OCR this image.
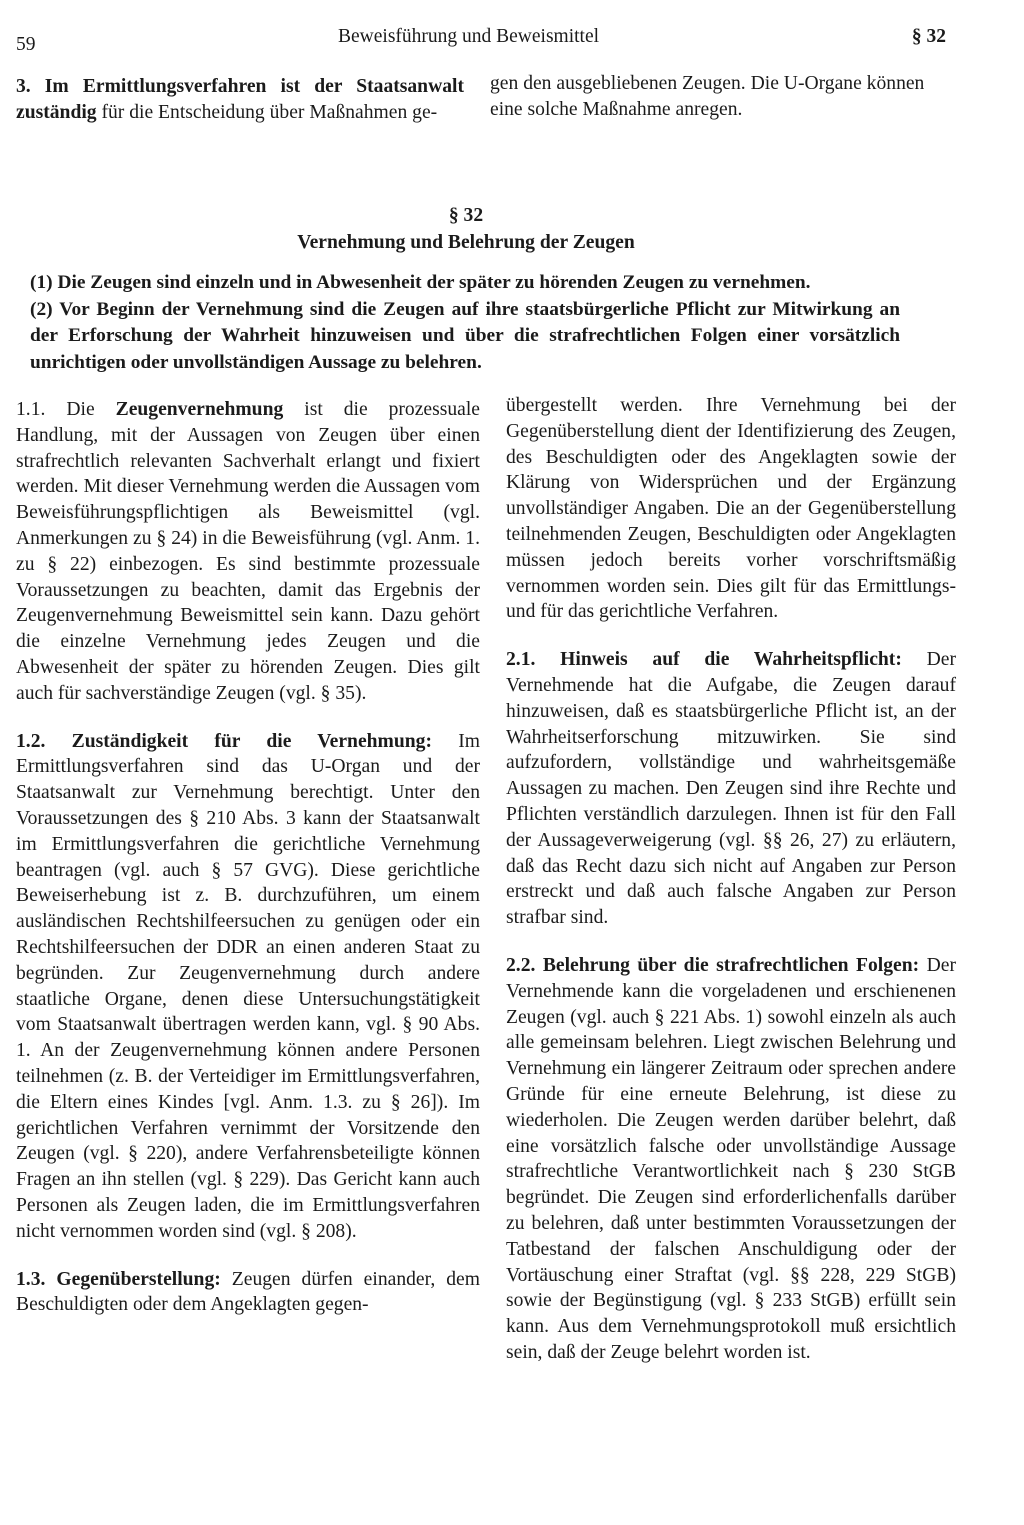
59	Beweisführung und Beweismittel	§ 32

3. Im Ermittlungsverfahren ist der Staatsanwalt zuständig für die Entscheidung über Maßnahmen ge-

gen den ausgebliebenen Zeugen. Die U-Organe können eine solche Maßnahme anregen.

§ 32
Vernehmung und Belehrung der Zeugen

(1) Die Zeugen sind einzeln und in Abwesenheit der später zu hörenden Zeugen zu vernehmen.

(2) Vor Beginn der Vernehmung sind die Zeugen auf ihre staatsbürgerliche Pflicht zur Mitwirkung an der Erforschung der Wahrheit hinzuweisen und über die strafrechtlichen Folgen einer vorsätzlich unrichtigen oder unvollständigen Aussage zu belehren.

1.1. Die Zeugenvernehmung ist die prozessuale Handlung, mit der Aussagen von Zeugen über einen strafrechtlich relevanten Sachverhalt erlangt und fixiert werden. Mit dieser Vernehmung werden die Aussagen vom Beweisführungspflichtigen als Beweismittel (vgl. Anmerkungen zu § 24) in die Beweisführung (vgl. Anm. 1. zu § 22) einbezogen. Es sind bestimmte prozessuale Voraussetzungen zu beachten, damit das Ergebnis der Zeugenvernehmung Beweismittel sein kann. Dazu gehört die einzelne Vernehmung jedes Zeugen und die Abwesenheit der später zu hörenden Zeugen. Dies gilt auch für sachverständige Zeugen (vgl. § 35).

1.2. Zuständigkeit für die Vernehmung: Im Ermittlungsverfahren sind das U-Organ und der Staatsanwalt zur Vernehmung berechtigt. Unter den Voraussetzungen des § 210 Abs. 3 kann der Staatsanwalt im Ermittlungsverfahren die gerichtliche Vernehmung beantragen (vgl. auch § 57 GVG). Diese gerichtliche Beweiserhebung ist z. B. durchzuführen, um einem ausländischen Rechtshilfeersuchen zu genügen oder ein Rechtshilfeersuchen der DDR an einen anderen Staat zu begründen. Zur Zeugenvernehmung durch andere staatliche Organe, denen diese Untersuchungstätigkeit vom Staatsanwalt übertragen werden kann, vgl. § 90 Abs. 1. An der Zeugenvernehmung können andere Personen teilnehmen (z. B. der Verteidiger im Ermittlungsverfahren, die Eltern eines Kindes [vgl. Anm. 1.3. zu § 26]). Im gerichtlichen Verfahren vernimmt der Vorsitzende den Zeugen (vgl. § 220), andere Verfahrensbeteiligte können Fragen an ihn stellen (vgl. § 229). Das Gericht kann auch Personen als Zeugen laden, die im Ermittlungsverfahren nicht vernommen worden sind (vgl. § 208).

1.3. Gegenüberstellung: Zeugen dürfen einander, dem Beschuldigten oder dem Angeklagten gegen-

übergestellt werden. Ihre Vernehmung bei der Gegenüberstellung dient der Identifizierung des Zeugen, des Beschuldigten oder des Angeklagten sowie der Klärung von Widersprüchen und der Ergänzung unvollständiger Angaben. Die an der Gegenüberstellung teilnehmenden Zeugen, Beschuldigten oder Angeklagten müssen jedoch bereits vorher vorschriftsmäßig vernommen worden sein. Dies gilt für das Ermittlungs- und für das gerichtliche Verfahren.

2.1. Hinweis auf die Wahrheitspflicht: Der Vernehmende hat die Aufgabe, die Zeugen darauf hinzuweisen, daß es staatsbürgerliche Pflicht ist, an der Wahrheitserforschung mitzuwirken. Sie sind aufzufordern, vollständige und wahrheitsgemäße Aussagen zu machen. Den Zeugen sind ihre Rechte und Pflichten verständlich darzulegen. Ihnen ist für den Fall der Aussageverweigerung (vgl. §§ 26, 27) zu erläutern, daß das Recht dazu sich nicht auf Angaben zur Person erstreckt und daß auch falsche Angaben zur Person strafbar sind.

2.2. Belehrung über die strafrechtlichen Folgen: Der Vernehmende kann die vorgeladenen und erschienenen Zeugen (vgl. auch § 221 Abs. 1) sowohl einzeln als auch alle gemeinsam belehren. Liegt zwischen Belehrung und Vernehmung ein längerer Zeitraum oder sprechen andere Gründe für eine erneute Belehrung, ist diese zu wiederholen. Die Zeugen werden darüber belehrt, daß eine vorsätzlich falsche oder unvollständige Aussage strafrechtliche Verantwortlichkeit nach § 230 StGB begründet. Die Zeugen sind erforderlichenfalls darüber zu belehren, daß unter bestimmten Voraussetzungen der Tatbestand der falschen Anschuldigung oder der Vortäuschung einer Straftat (vgl. §§ 228, 229 StGB) sowie der Begünstigung (vgl. § 233 StGB) erfüllt sein kann. Aus dem Vernehmungsprotokoll muß ersichtlich sein, daß der Zeuge belehrt worden ist.
